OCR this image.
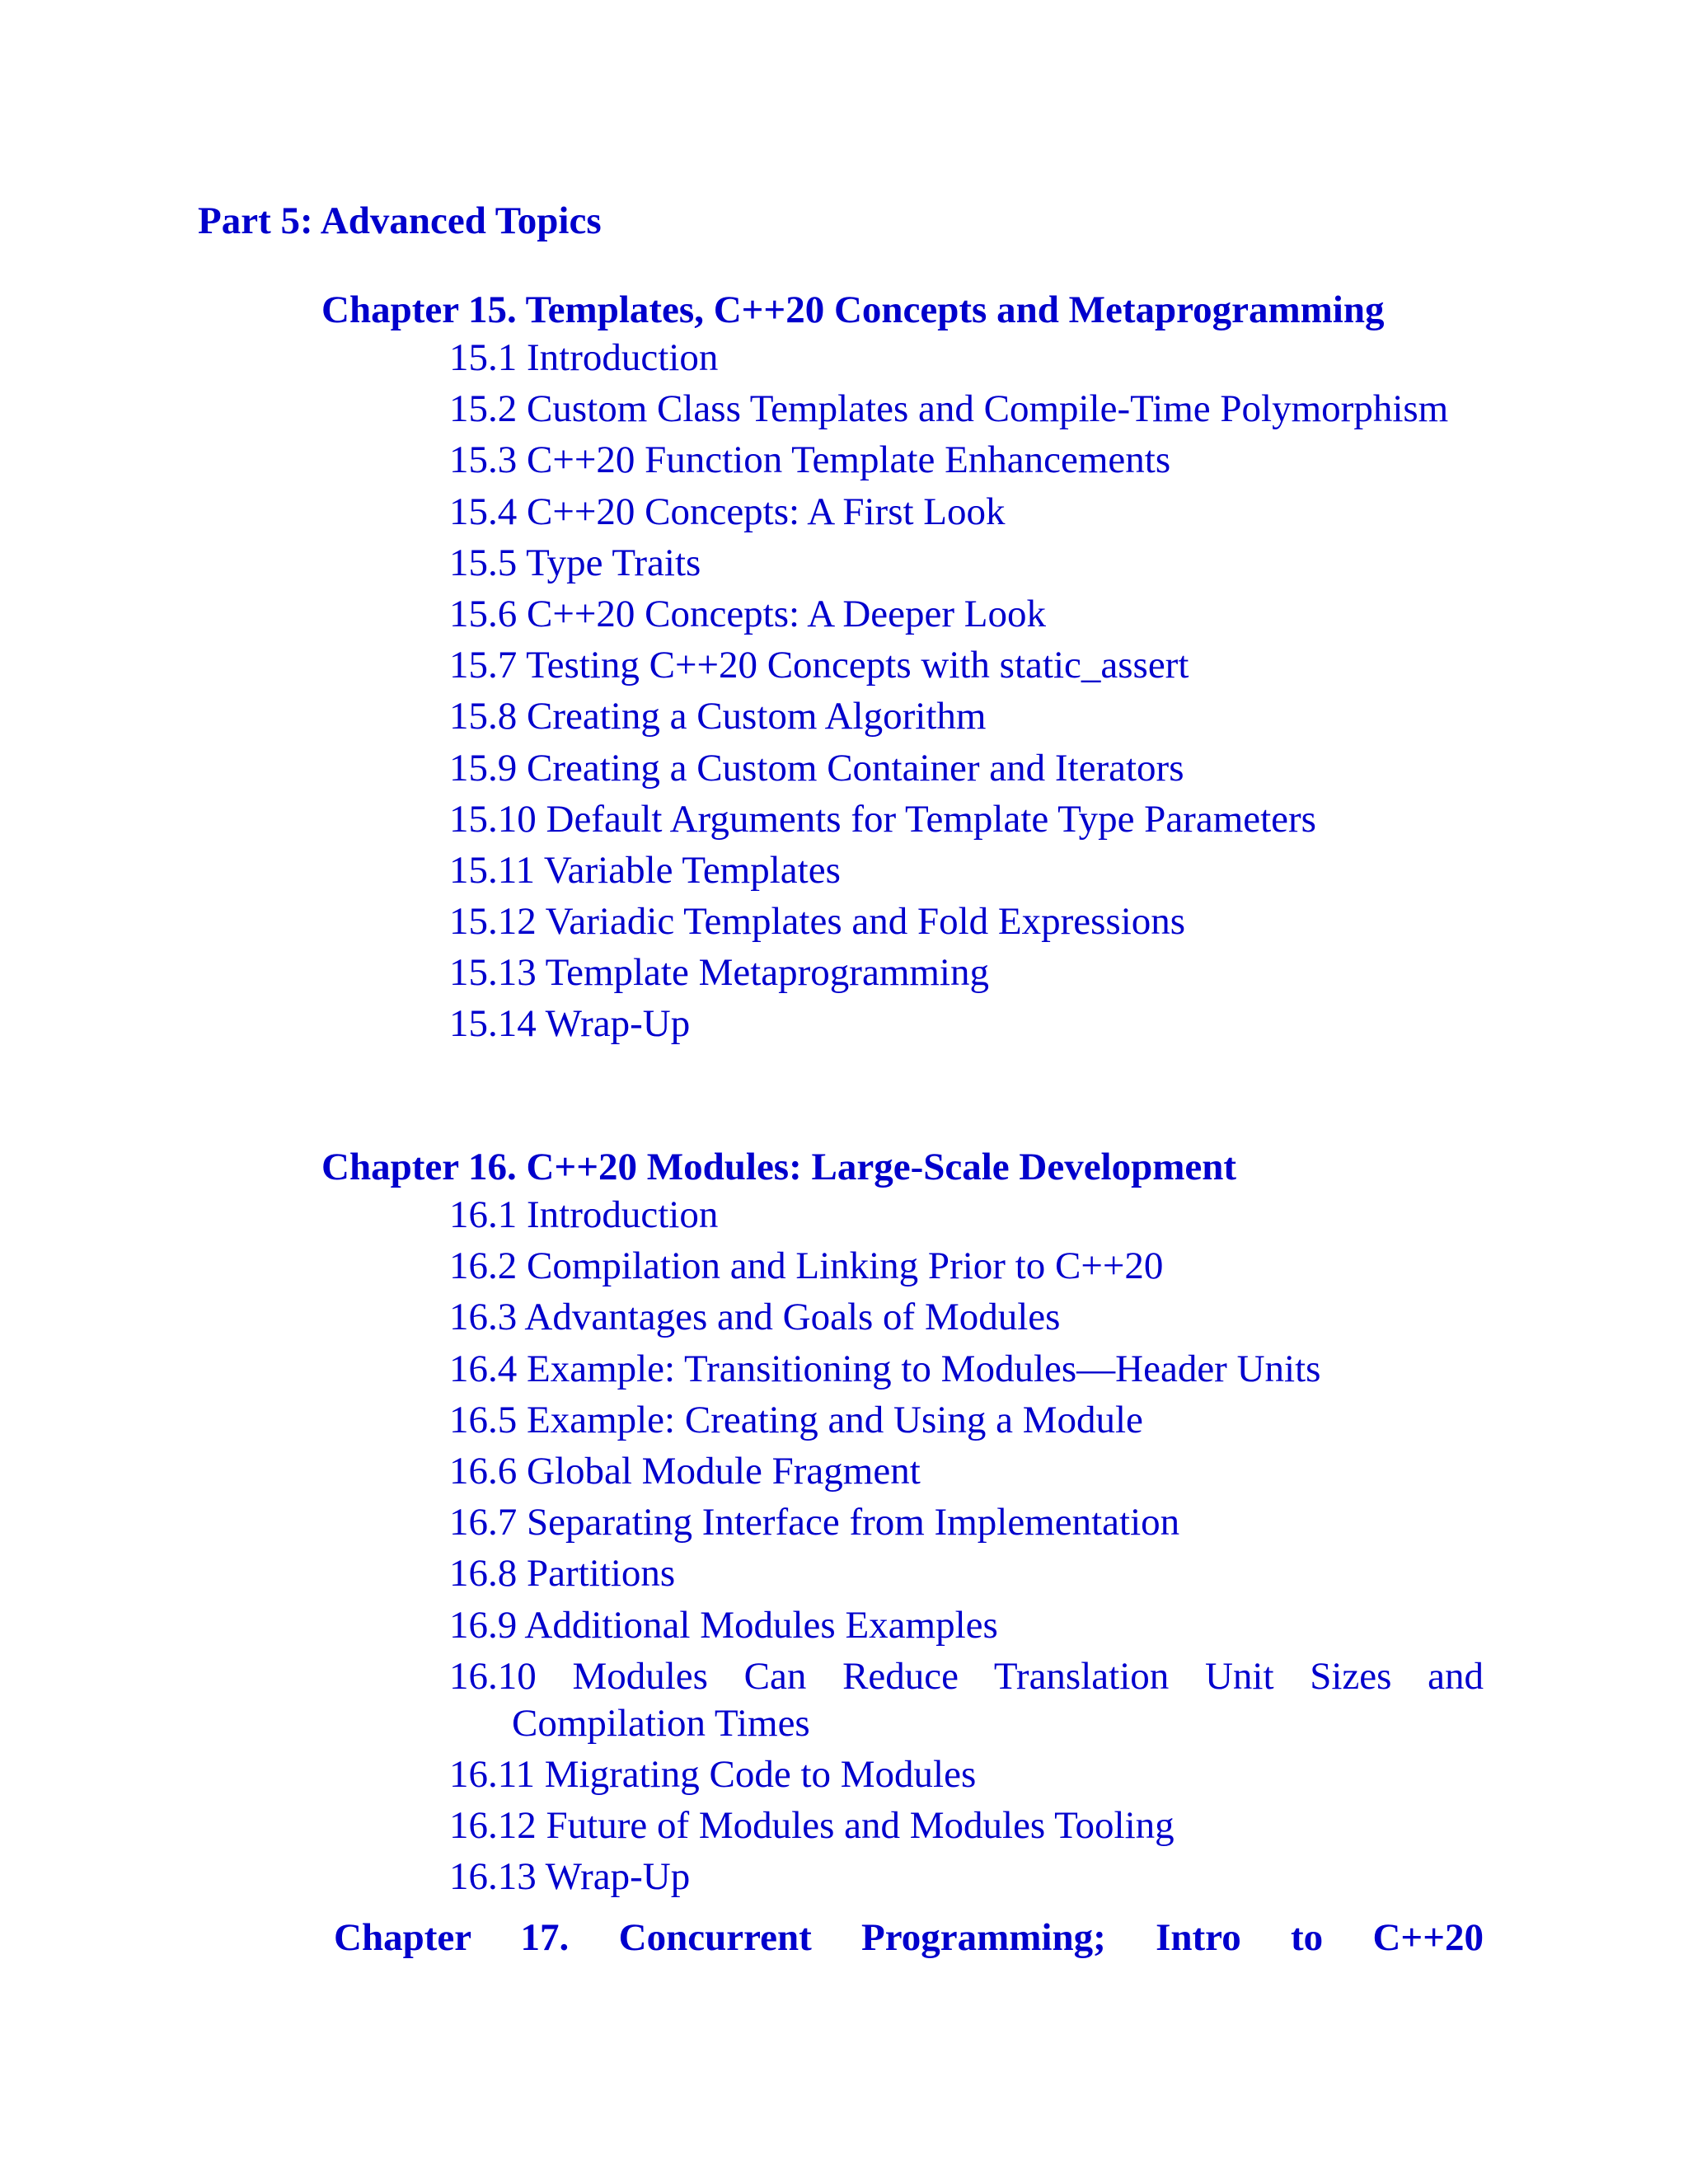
Part 5: Advanced Topics
Chapter 15. Templates, C++20 Concepts and Metaprogramming
15.1 Introduction
15.2 Custom Class Templates and Compile-Time Polymorphism
15.3 C++20 Function Template Enhancements
15.4 C++20 Concepts: A First Look
15.5 Type Traits
15.6 C++20 Concepts: A Deeper Look
15.7 Testing C++20 Concepts with static_assert
15.8 Creating a Custom Algorithm
15.9 Creating a Custom Container and Iterators
15.10 Default Arguments for Template Type Parameters
15.11 Variable Templates
15.12 Variadic Templates and Fold Expressions
15.13 Template Metaprogramming
15.14 Wrap-Up
Chapter 16. C++20 Modules: Large-Scale Development
16.1 Introduction
16.2 Compilation and Linking Prior to C++20
16.3 Advantages and Goals of Modules
16.4 Example: Transitioning to Modules—Header Units
16.5 Example: Creating and Using a Module
16.6 Global Module Fragment
16.7 Separating Interface from Implementation
16.8 Partitions
16.9 Additional Modules Examples
16.10 Modules Can Reduce Translation Unit Sizes and Compilation Times
16.11 Migrating Code to Modules
16.12 Future of Modules and Modules Tooling
16.13 Wrap-Up
Chapter 17. Concurrent Programming; Intro to C++20
